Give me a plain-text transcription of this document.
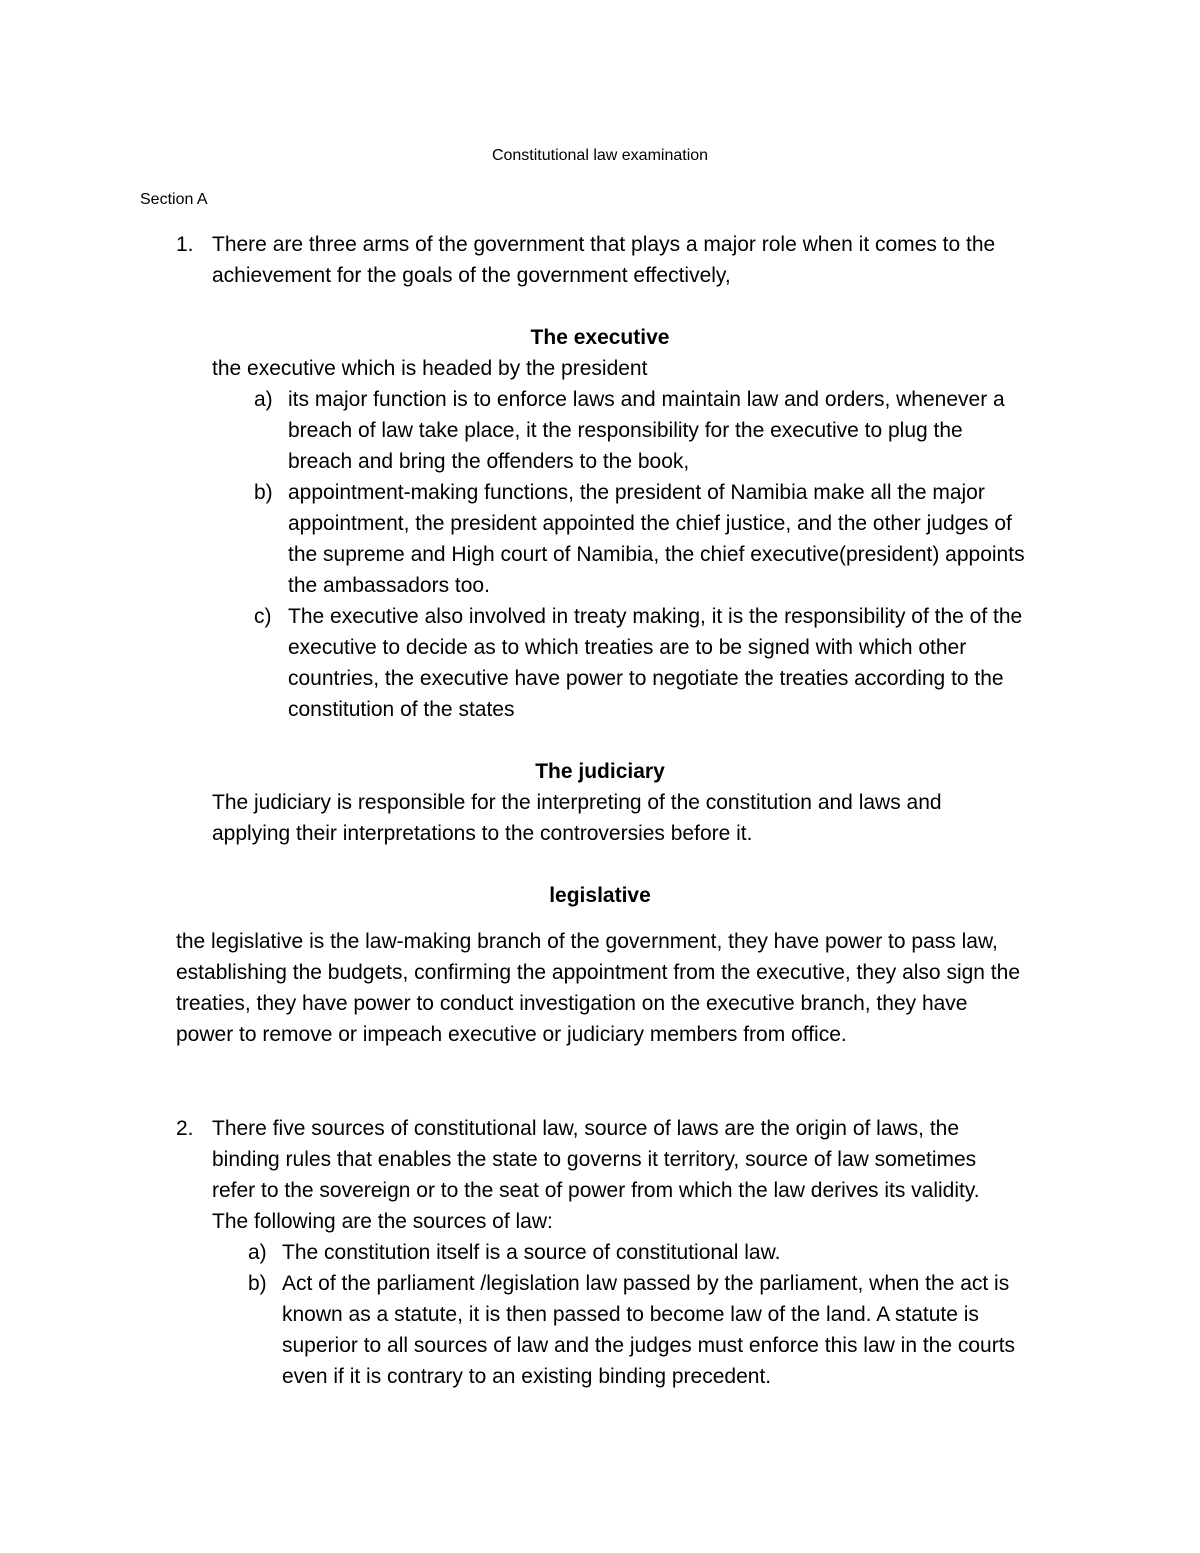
Constitutional law examination
Section A
1. There are three arms of the government that plays a major role when it comes to the
achievement for the goals of the government effectively,
The executive
the executive which is headed by the president
a) its major function is to enforce laws and maintain law and orders, whenever a
breach of law take place, it the responsibility for the executive to plug the
breach and bring the offenders to the book,
b) appointment-making functions, the president of Namibia make all the major
appointment, the president appointed the chief justice, and the other judges of
the supreme and High court of Namibia, the chief executive(president) appoints
the ambassadors too.
c) The executive also involved in treaty making, it is the responsibility of the of the
executive to decide as to which treaties are to be signed with which other
countries, the executive have power to negotiate the treaties according to the
constitution of the states
The judiciary
The judiciary is responsible for the interpreting of the constitution and laws and
applying their interpretations to the controversies before it.
legislative
the legislative is the law-making branch of the government, they have power to pass law,
establishing the budgets, confirming the appointment from the executive, they also sign the
treaties, they have power to conduct investigation on the executive branch, they have
power to remove or impeach executive or judiciary members from office.
2. There five sources of constitutional law, source of laws are the origin of laws, the
binding rules that enables the state to governs it territory, source of law sometimes
refer to the sovereign or to the seat of power from which the law derives its validity.
The following are the sources of law:
a) The constitution itself is a source of constitutional law.
b) Act of the parliament /legislation law passed by the parliament, when the act is
known as a statute, it is then passed to become law of the land. A statute is
superior to all sources of law and the judges must enforce this law in the courts
even if it is contrary to an existing binding precedent.
